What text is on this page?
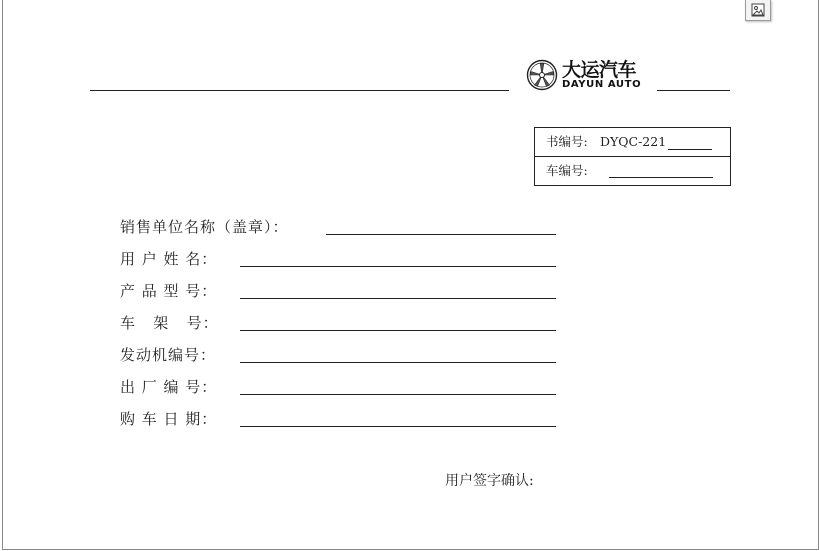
大运汽车
DAYUN AUTO
书编号: DYQC-221
车编号:
销售单位名称（盖章）：
用 户 姓 名：
产 品 型 号：
车   架   号：
发动机编号：
出 厂 编 号：
购 车 日 期：
用户签字确认:
